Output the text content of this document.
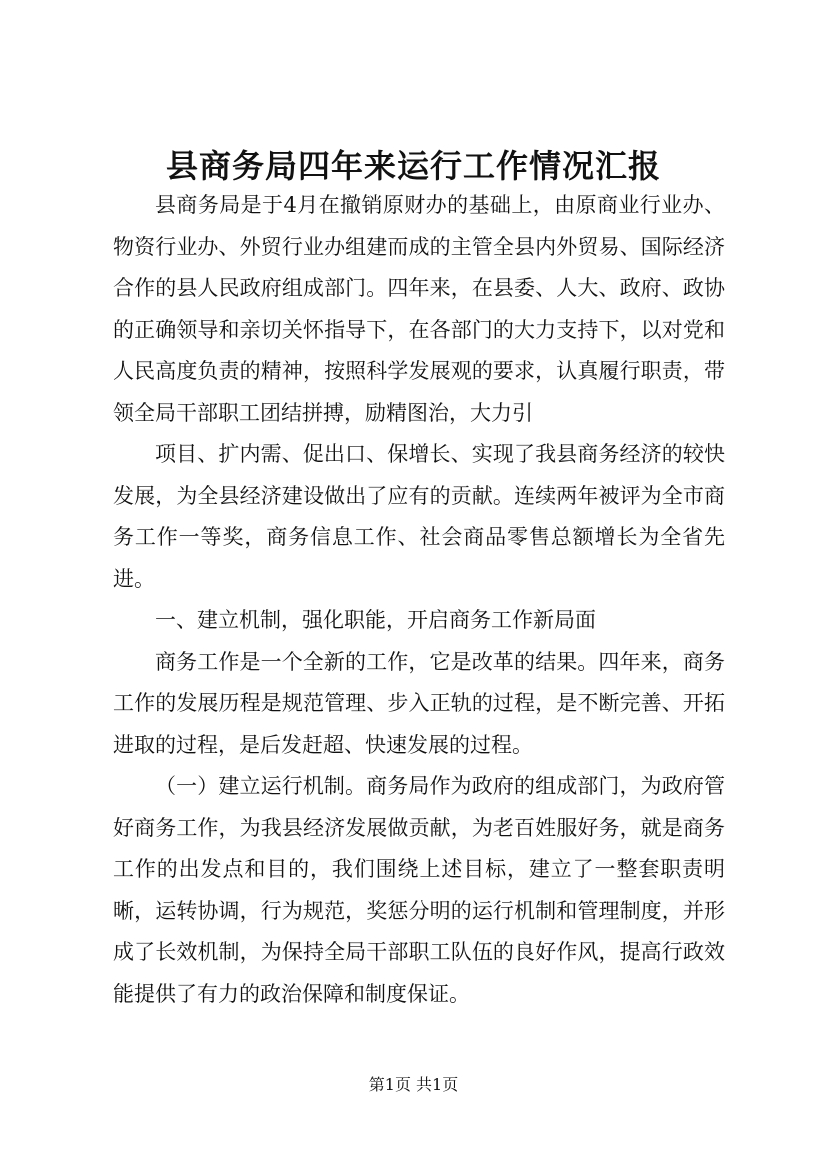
县商务局四年来运行工作情况汇报

县商务局是于4月在撤销原财办的基础上，由原商业行业办、物资行业办、外贸行业办组建而成的主管全县内外贸易、国际经济合作的县人民政府组成部门。四年来，在县委、人大、政府、政协的正确领导和亲切关怀指导下，在各部门的大力支持下，以对党和人民高度负责的精神，按照科学发展观的要求，认真履行职责，带领全局干部职工团结拼搏，励精图治，大力引

项目、扩内需、促出口、保增长、实现了我县商务经济的较快发展，为全县经济建设做出了应有的贡献。连续两年被评为全市商务工作一等奖，商务信息工作、社会商品零售总额增长为全省先进。

一、建立机制，强化职能，开启商务工作新局面

商务工作是一个全新的工作，它是改革的结果。四年来，商务工作的发展历程是规范管理、步入正轨的过程，是不断完善、开拓进取的过程，是后发赶超、快速发展的过程。

（一）建立运行机制。商务局作为政府的组成部门，为政府管好商务工作，为我县经济发展做贡献，为老百姓服好务，就是商务工作的出发点和目的，我们围绕上述目标，建立了一整套职责明晰，运转协调，行为规范，奖惩分明的运行机制和管理制度，并形成了长效机制，为保持全局干部职工队伍的良好作风，提高行政效能提供了有力的政治保障和制度保证。

第1页 共1页
